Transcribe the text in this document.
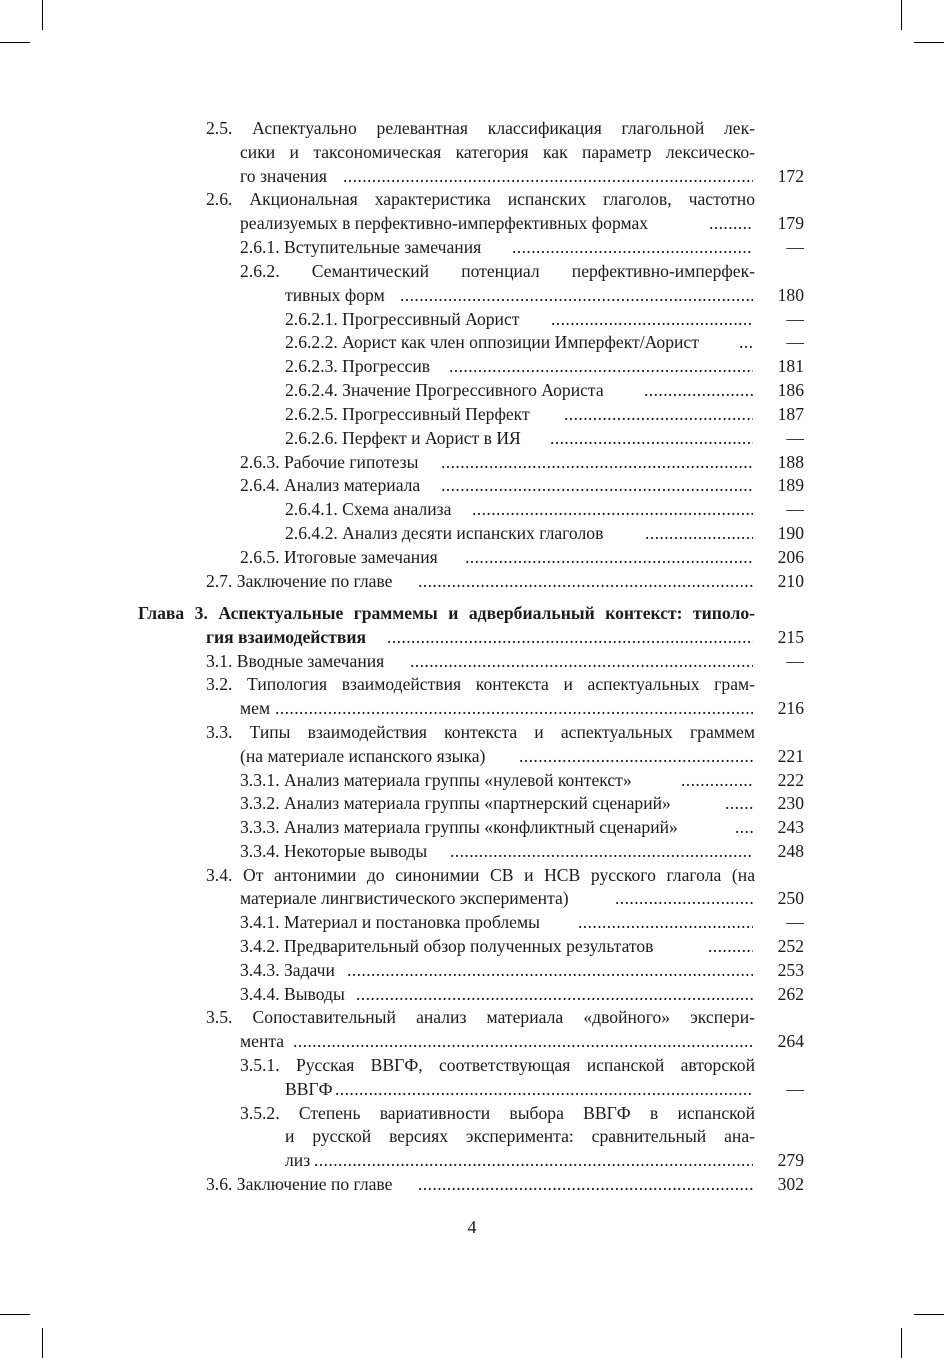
2.5. Аспектуально релевантная классификация глагольной лек-
сики и таксономическая категория как параметр лексическо-
го значения .....	172
2.6. Акциональная характеристика испанских глаголов, частотно
реализуемых в перфективно-имперфективных формах .....	179
2.6.1. Вступительные замечания .....	—
2.6.2. Семантический потенциал перфективно-имперфек-
тивных форм .....	180
2.6.2.1. Прогрессивный Аорист .....	—
2.6.2.2. Аорист как член оппозиции Имперфект/Аорист .....	—
2.6.2.3. Прогрессив .....	181
2.6.2.4. Значение Прогрессивного Аориста .....	186
2.6.2.5. Прогрессивный Перфект .....	187
2.6.2.6. Перфект и Аорист в ИЯ .....	—
2.6.3. Рабочие гипотезы .....	188
2.6.4. Анализ материала .....	189
2.6.4.1. Схема анализа .....	—
2.6.4.2. Анализ десяти испанских глаголов .....	190
2.6.5. Итоговые замечания .....	206
2.7. Заключение по главе .....	210
Глава 3. Аспектуальные граммемы и адвербиальный контекст: типоло-
гия взаимодействия .....	215
3.1. Вводные замечания .....	—
3.2. Типология взаимодействия контекста и аспектуальных грам-
мем .....	216
3.3. Типы взаимодействия контекста и аспектуальных граммем
(на материале испанского языка) .....	221
3.3.1. Анализ материала группы «нулевой контекст» .....	222
3.3.2. Анализ материала группы «партнерский сценарий» .....	230
3.3.3. Анализ материала группы «конфликтный сценарий» .....	243
3.3.4. Некоторые выводы .....	248
3.4. От антонимии до синонимии СВ и НСВ русского глагола (на
материале лингвистического эксперимента) .....	250
3.4.1. Материал и постановка проблемы .....	—
3.4.2. Предварительный обзор полученных результатов .....	252
3.4.3. Задачи .....	253
3.4.4. Выводы .....	262
3.5. Сопоставительный анализ материала «двойного» экспери-
мента .....	264
3.5.1. Русская ВВГФ, соответствующая испанской авторской
ВВГФ .....	—
3.5.2. Степень вариативности выбора ВВГФ в испанской
и русской версиях эксперимента: сравнительный ана-
лиз .....	279
3.6. Заключение по главе .....	302
4
